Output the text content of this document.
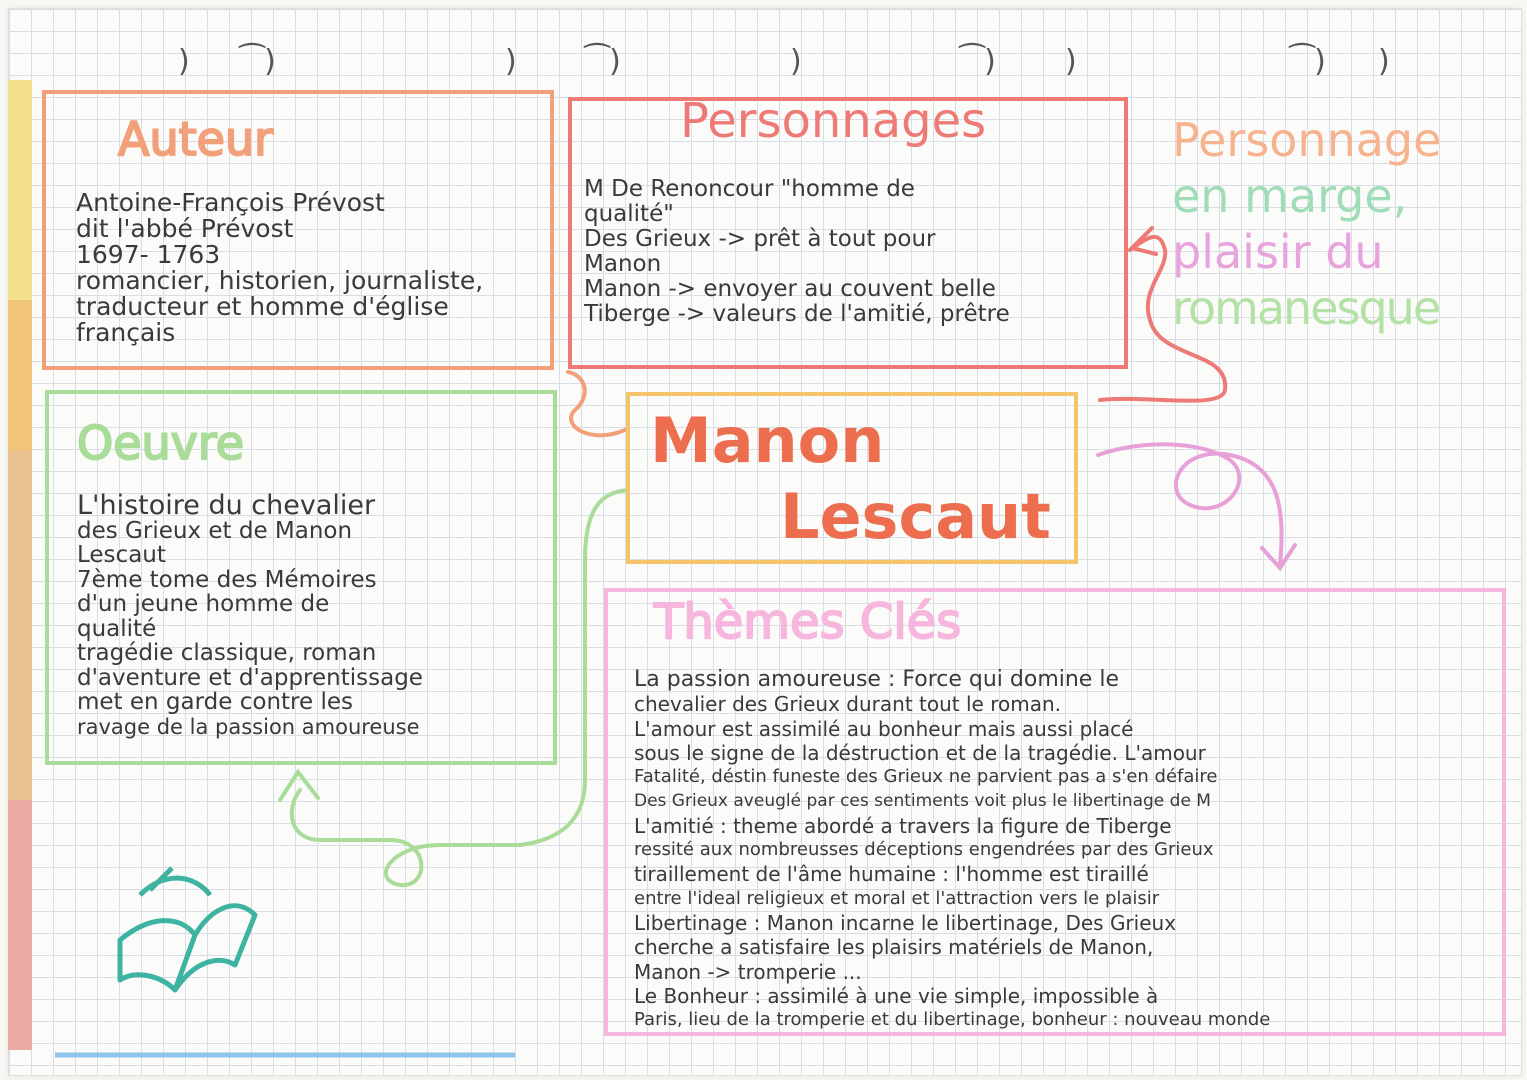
) ⁀)	) ⁀)	)	⁀) )	⁀) )
Auteur
Antoine-François Prévost
dit l'abbé Prévost
1697- 1763
romancier, historien, journaliste,
traducteur et homme d'église
français
Personnages
M De Renoncour "homme de
qualité"
Des Grieux -> prêt à tout pour
Manon
Manon -> envoyer au couvent belle
Tiberge -> valeurs de l'amitié, prêtre
Personnage
en marge,
plaisir du
romanesque
Oeuvre
L'histoire du chevalier
des Grieux et de Manon
Lescaut
7ème tome des Mémoires
d'un jeune homme de
qualité
tragédie classique, roman
d'aventure et d'apprentissage
met en garde contre les
ravage de la passion amoureuse
Manon
Lescaut
Thèmes Clés
La passion amoureuse : Force qui domine le
chevalier des Grieux durant tout le roman.
L'amour est assimilé au bonheur mais aussi placé
sous le signe de la déstruction et de la tragédie. L'amour
Fatalité, déstin funeste des Grieux ne parvient pas a s'en défaire
Des Grieux aveuglé par ces sentiments voit plus le libertinage de M
L'amitié : theme abordé a travers la figure de Tiberge
ressité aux nombreusses déceptions engendrées par des Grieux
tiraillement de l'âme humaine : l'homme est tiraillé
entre l'ideal religieux et moral et l'attraction vers le plaisir
Libertinage : Manon incarne le libertinage, Des Grieux
cherche a satisfaire les plaisirs matériels de Manon,
Manon -> tromperie ...
Le Bonheur : assimilé à une vie simple, impossible à
Paris, lieu de la tromperie et du libertinage, bonheur : nouveau monde
